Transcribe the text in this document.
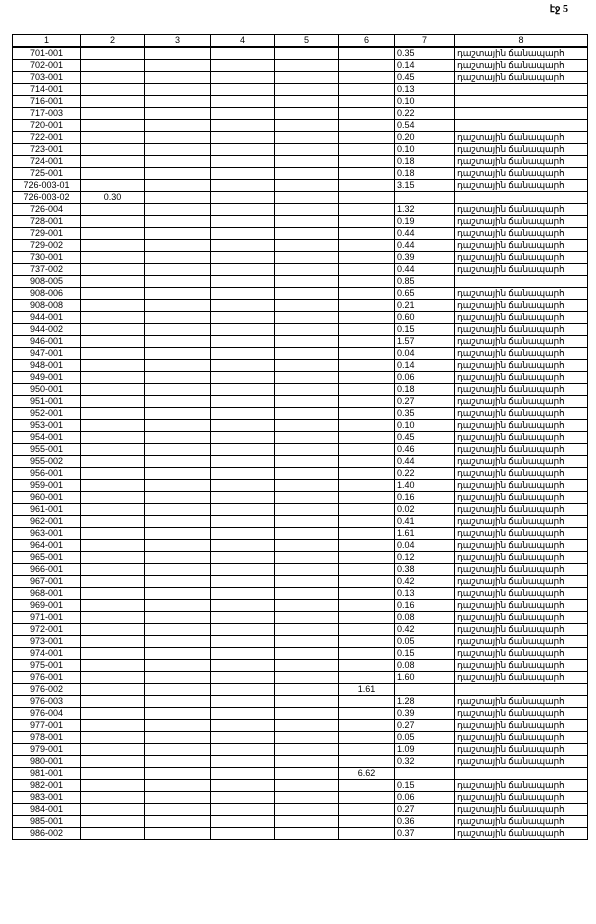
էջ 5
1	2	3	4	5	6	7	8
701-001						0.35	դաշտային ճանապարհ
702-001						0.14	դաշտային ճանապարհ
703-001						0.45	դաշտային ճանապարհ
714-001						0.13	
716-001						0.10	
717-003						0.22	
720-001						0.54	
722-001						0.20	դաշտային ճանապարհ
723-001						0.10	դաշտային ճանապարհ
724-001						0.18	դաշտային ճանապարհ
725-001						0.18	դաշտային ճանապարհ
726-003-01						3.15	դաշտային ճանապարհ
726-003-02	0.30						
726-004						1.32	դաշտային ճանապարհ
728-001						0.19	դաշտային ճանապարհ
729-001						0.44	դաշտային ճանապարհ
729-002						0.44	դաշտային ճանապարհ
730-001						0.39	դաշտային ճանապարհ
737-002						0.44	դաշտային ճանապարհ
908-005						0.85	
908-006						0.65	դաշտային ճանապարհ
908-008						0.21	դաշտային ճանապարհ
944-001						0.60	դաշտային ճանապարհ
944-002						0.15	դաշտային ճանապարհ
946-001						1.57	դաշտային ճանապարհ
947-001						0.04	դաշտային ճանապարհ
948-001						0.14	դաշտային ճանապարհ
949-001						0.06	դաշտային ճանապարհ
950-001						0.18	դաշտային ճանապարհ
951-001						0.27	դաշտային ճանապարհ
952-001						0.35	դաշտային ճանապարհ
953-001						0.10	դաշտային ճանապարհ
954-001						0.45	դաշտային ճանապարհ
955-001						0.46	դաշտային ճանապարհ
955-002						0.44	դաշտային ճանապարհ
956-001						0.22	դաշտային ճանապարհ
959-001						1.40	դաշտային ճանապարհ
960-001						0.16	դաշտային ճանապարհ
961-001						0.02	դաշտային ճանապարհ
962-001						0.41	դաշտային ճանապարհ
963-001						1.61	դաշտային ճանապարհ
964-001						0.04	դաշտային ճանապարհ
965-001						0.12	դաշտային ճանապարհ
966-001						0.38	դաշտային ճանապարհ
967-001						0.42	դաշտային ճանապարհ
968-001						0.13	դաշտային ճանապարհ
969-001						0.16	դաշտային ճանապարհ
971-001						0.08	դաշտային ճանապարհ
972-001						0.42	դաշտային ճանապարհ
973-001						0.05	դաշտային ճանապարհ
974-001						0.15	դաշտային ճանապարհ
975-001						0.08	դաշտային ճանապարհ
976-001						1.60	դաշտային ճանապարհ
976-002					1.61		
976-003						1.28	դաշտային ճանապարհ
976-004						0.39	դաշտային ճանապարհ
977-001						0.27	դաշտային ճանապարհ
978-001						0.05	դաշտային ճանապարհ
979-001						1.09	դաշտային ճանապարհ
980-001						0.32	դաշտային ճանապարհ
981-001					6.62		
982-001						0.15	դաշտային ճանապարհ
983-001						0.06	դաշտային ճանապարհ
984-001						0.27	դաշտային ճանապարհ
985-001						0.36	դաշտային ճանապարհ
986-002						0.37	դաշտային ճանապարհ
